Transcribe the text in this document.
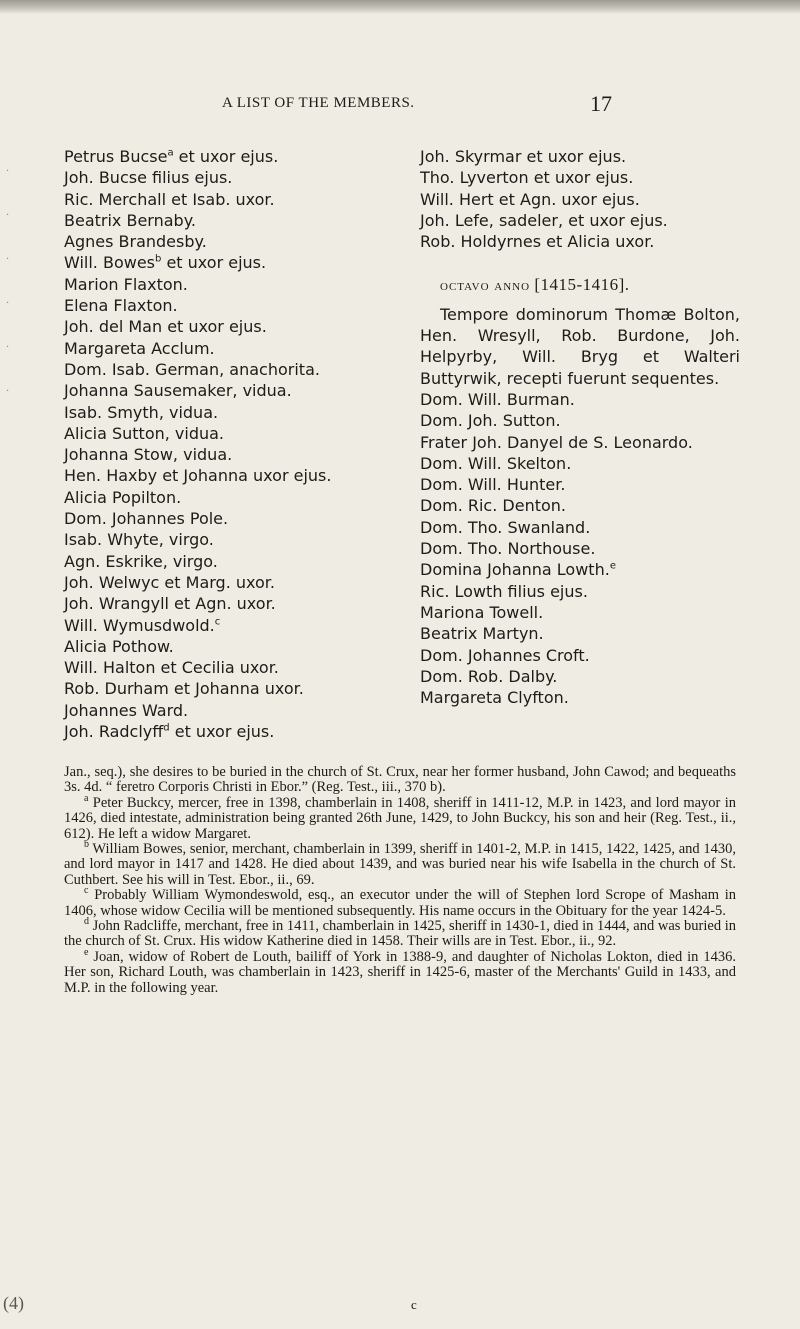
·
·
·
·
·
·
A LIST OF THE MEMBERS.	17

Petrus Bucse$^a$ et uxor ejus.

Joh. Bucse filius ejus.

Ric. Merchall et Isab. uxor.

Beatrix Bernaby.

Agnes Brandesby.

Will. Bowes$^b$ et uxor ejus.

Marion Flaxton.

Elena Flaxton.

Joh. del Man et uxor ejus.

Margareta Acclum.

Dom. Isab. German, anachorita.

Johanna Sausemaker, vidua.

Isab. Smyth, vidua.

Alicia Sutton, vidua.

Johanna Stow, vidua.

Hen. Haxby et Johanna uxor ejus.

Alicia Popilton.

Dom. Johannes Pole.

Isab. Whyte, virgo.

Agn. Eskrike, virgo.

Joh. Welwyc et Marg. uxor.

Joh. Wrangyll et Agn. uxor.

Will. Wymusdwold.$^c$

Alicia Pothow.

Will. Halton et Cecilia uxor.

Rob. Durham et Johanna uxor.

Johannes Ward.

Joh. Radclyff$^d$ et uxor ejus.

Joh. Skyrmar et uxor ejus.

Tho. Lyverton et uxor ejus.

Will. Hert et Agn. uxor ejus.

Joh. Lefe, sadeler, et uxor ejus.

Rob. Holdyrnes et Alicia uxor.

octavo anno [1415-1416].

Tempore dominorum Thomæ Bolton, Hen. Wresyll, Rob. Burdone, Joh. Helpyrby, Will. Bryg et Walteri Buttyrwik, recepti fuerunt sequentes.

Dom. Will. Burman.

Dom. Joh. Sutton.

Frater Joh. Danyel de S. Leonardo.

Dom. Will. Skelton.

Dom. Will. Hunter.

Dom. Ric. Denton.

Dom. Tho. Swanland.

Dom. Tho. Northouse.

Domina Johanna Lowth.$^e$

Ric. Lowth filius ejus.

Mariona Towell.

Beatrix Martyn.

Dom. Johannes Croft.

Dom. Rob. Dalby.

Margareta Clyfton.

Jan., seq.), she desires to be buried in the church of St. Crux, near her former husband, John Cawod; and bequeaths 3s. 4d. “ feretro Corporis Christi in Ebor.” (Reg. Test., iii., 370 b).

$^a$ Peter Buckcy, mercer, free in 1398, chamberlain in 1408, sheriff in 1411-12, M.P. in 1423, and lord mayor in 1426, died intestate, administration being granted 26th June, 1429, to John Buckcy, his son and heir (Reg. Test., ii., 612). He left a widow Margaret.

$^b$ William Bowes, senior, merchant, chamberlain in 1399, sheriff in 1401-2, M.P. in 1415, 1422, 1425, and 1430, and lord mayor in 1417 and 1428. He died about 1439, and was buried near his wife Isabella in the church of St. Cuthbert. See his will in Test. Ebor., ii., 69.

$^c$ Probably William Wymondeswold, esq., an executor under the will of Stephen lord Scrope of Masham in 1406, whose widow Cecilia will be mentioned subsequently. His name occurs in the Obituary for the year 1424-5.

$^d$ John Radcliffe, merchant, free in 1411, chamberlain in 1425, sheriff in 1430-1, died in 1444, and was buried in the church of St. Crux. His widow Katherine died in 1458. Their wills are in Test. Ebor., ii., 92.

$^e$ Joan, widow of Robert de Louth, bailiff of York in 1388-9, and daughter of Nicholas Lokton, died in 1436. Her son, Richard Louth, was chamberlain in 1423, sheriff in 1425-6, master of the Merchants' Guild in 1433, and M.P. in the following year.

c
(4)
